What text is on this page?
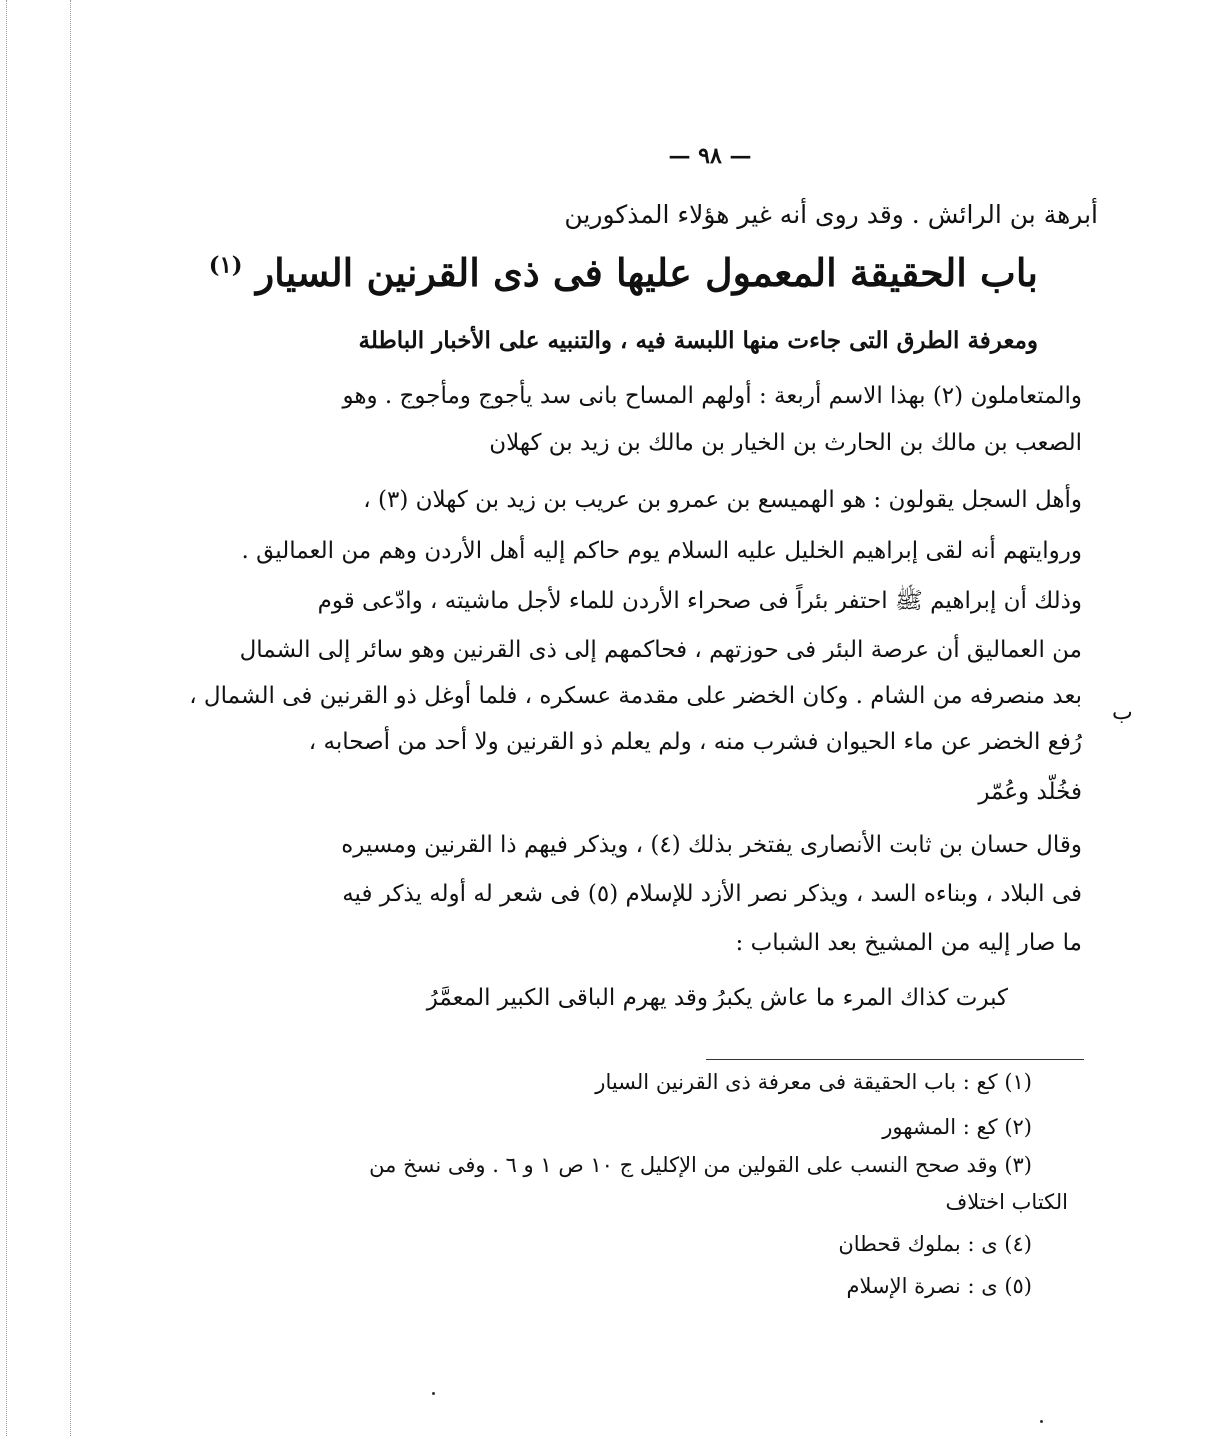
— ٩٨ —
أبرهة بن الرائش . وقد روى أنه غير هؤلاء المذكورين
باب الحقيقة المعمول عليها فى ذى القرنين السيار $^{(١)}$
ومعرفة الطرق التى جاءت منها اللبسة فيه ، والتنبيه على الأخبار الباطلة
والمتعاملون (٢) بهذا الاسم أربعة : أولهم المساح بانى سد يأجوج ومأجوج . وهو
الصعب بن مالك بن الحارث بن الخيار بن مالك بن زيد بن كهلان
وأهل السجل يقولون : هو الهميسع بن عمرو بن عريب بن زيد بن كهلان (٣) ،
وروايتهم أنه لقى إبراهيم الخليل عليه السلام يوم حاكم إليه أهل الأردن وهم من العماليق .
وذلك أن إبراهيم ﷺ احتفر بئراً فى صحراء الأردن للماء لأجل ماشيته ، وادّعى قوم
من العماليق أن عرصة البئر فى حوزتهم ، فحاكمهم إلى ذى القرنين وهو سائر إلى الشمال
بعد منصرفه من الشام . وكان الخضر على مقدمة عسكره ، فلما أوغل ذو القرنين فى الشمال ،
رُفع الخضر عن ماء الحيوان فشرب منه ، ولم يعلم ذو القرنين ولا أحد من أصحابه ،
فخُلّد وعُمّر
وقال حسان بن ثابت الأنصارى يفتخر بذلك (٤) ، ويذكر فيهم ذا القرنين ومسيره
فى البلاد ، وبناءه السد ، ويذكر نصر الأزد للإسلام (٥) فى شعر له أوله يذكر فيه
ما صار إليه من المشيخ بعد الشباب :
كبرت كذاك المرء ما عاش يكبرُ
وقد يهرم الباقى الكبير المعمَّرُ
(١) كع : باب الحقيقة فى معرفة ذى القرنين السيار
(٢) كع : المشهور
(٣) وقد صحح النسب على القولين من الإكليل ج ١٠ ص ١ و ٦ . وفى نسخ من
الكتاب اختلاف
(٤) ى : بملوك قحطان
(٥) ى : نصرة الإسلام
ب
